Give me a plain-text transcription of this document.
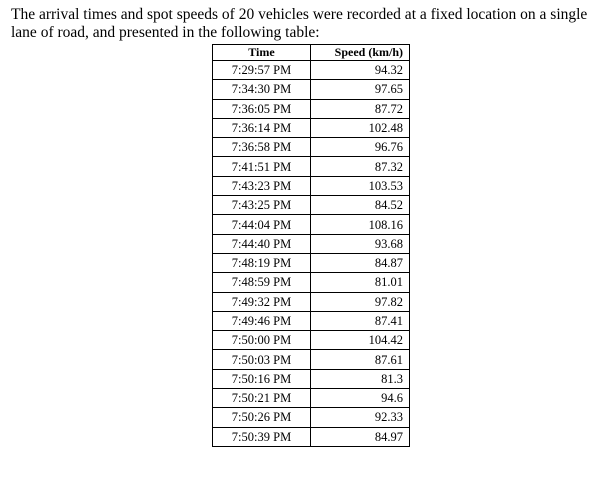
The arrival times and spot speeds of 20 vehicles were recorded at a fixed location on a single lane of road, and presented in the following table:

Time	Speed (km/h)
7:29:57 PM	94.32
7:34:30 PM	97.65
7:36:05 PM	87.72
7:36:14 PM	102.48
7:36:58 PM	96.76
7:41:51 PM	87.32
7:43:23 PM	103.53
7:43:25 PM	84.52
7:44:04 PM	108.16
7:44:40 PM	93.68
7:48:19 PM	84.87
7:48:59 PM	81.01
7:49:32 PM	97.82
7:49:46 PM	87.41
7:50:00 PM	104.42
7:50:03 PM	87.61
7:50:16 PM	81.3
7:50:21 PM	94.6
7:50:26 PM	92.33
7:50:39 PM	84.97
